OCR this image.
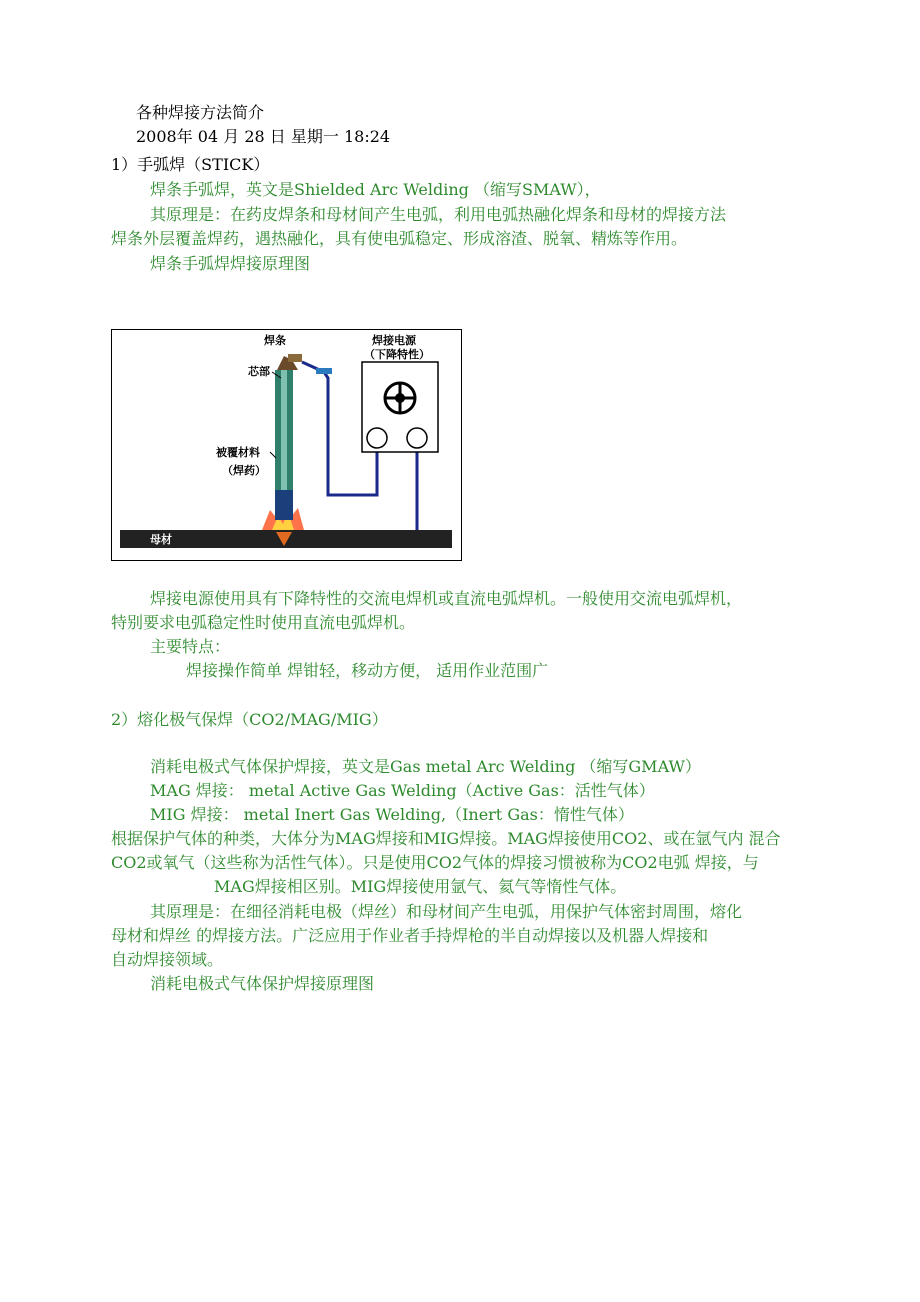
各种焊接方法简介
2008年 04 月 28 日 星期一 18:24
1）手弧焊（STICK）
焊条手弧焊，英文是Shielded Arc Welding （缩写SMAW），
其原理是：在药皮焊条和母材间产生电弧，利用电弧热融化焊条和母材的焊接方法
焊条外层覆盖焊药，遇热融化，具有使电弧稳定、形成溶渣、脱氧、精炼等作用。
焊条手弧焊焊接原理图
母材
焊条
芯部
被覆材料
（焊药）
焊接电源
（下降特性）
焊接电源使用具有下降特性的交流电焊机或直流电弧焊机。一般使用交流电弧焊机，
特别要求电弧稳定性时使用直流电弧焊机。
主要特点：
焊接操作简单 焊钳轻，移动方便， 适用作业范围广
2）熔化极气保焊（CO2/MAG/MIG）
消耗电极式气体保护焊接，英文是Gas metal Arc Welding （缩写GMAW）
MAG 焊接： metal Active Gas Welding（Active Gas：活性气体）
MIG 焊接： metal Inert Gas Welding,（Inert Gas：惰性气体）
根据保护气体的种类，大体分为MAG焊接和MIG焊接。MAG焊接使用CO2、或在氩气内 混合
CO2或氧气（这些称为活性气体）。只是使用CO2气体的焊接习惯被称为CO2电弧 焊接，与
MAG焊接相区别。MIG焊接使用氩气、氦气等惰性气体。
其原理是：在细径消耗电极（焊丝）和母材间产生电弧，用保护气体密封周围，熔化
母材和焊丝 的焊接方法。广泛应用于作业者手持焊枪的半自动焊接以及机器人焊接和
自动焊接领域。
消耗电极式气体保护焊接原理图
